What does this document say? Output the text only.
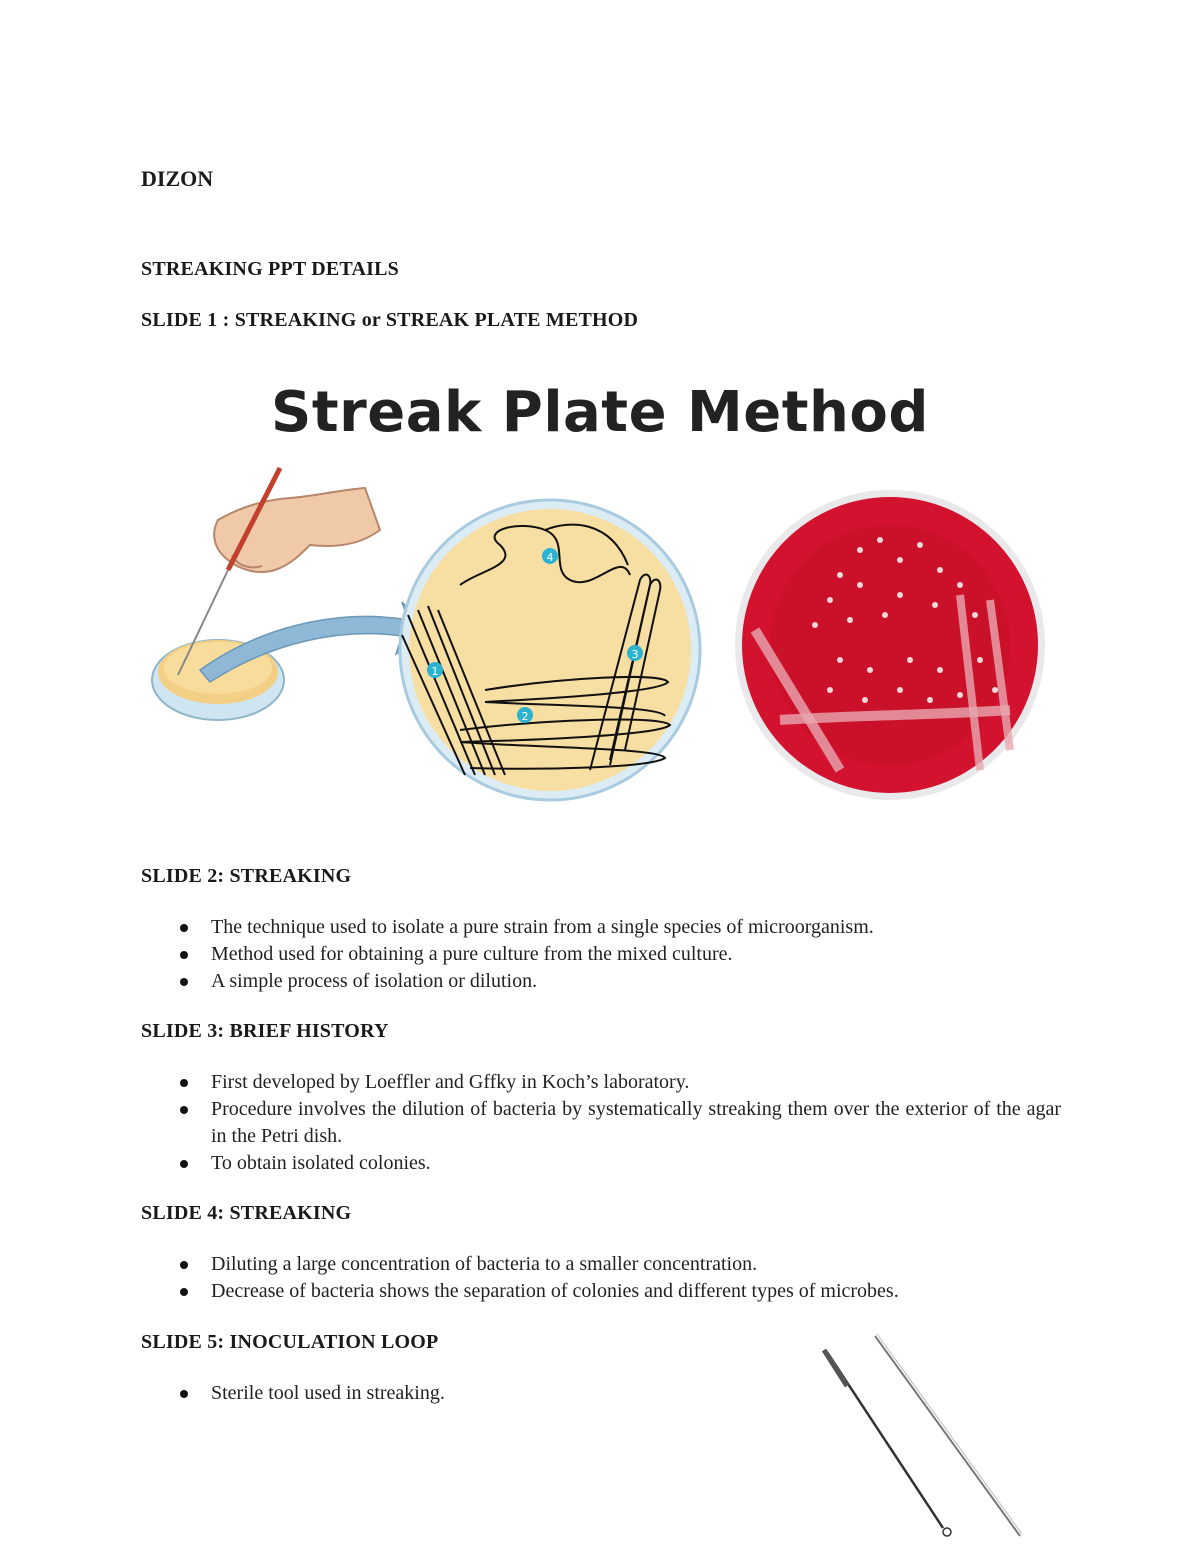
DIZON
STREAKING PPT DETAILS
SLIDE 1 : STREAKING or STREAK PLATE METHOD
Streak Plate Method
1
2
3
4
SLIDE 2: STREAKING
The technique used to isolate a pure strain from a single species of microorganism.
Method used for obtaining a pure culture from the mixed culture.
A simple process of isolation or dilution.
SLIDE 3: BRIEF HISTORY
First developed by Loeffler and Gffky in Koch’s laboratory.
Procedure involves the dilution of bacteria by systematically streaking them over the exterior of the agar in the Petri dish.
To obtain isolated colonies.
SLIDE 4: STREAKING
Diluting a large concentration of bacteria to a smaller concentration.
Decrease of bacteria shows the separation of colonies and different types of microbes.
SLIDE 5: INOCULATION LOOP
Sterile tool used in streaking.
